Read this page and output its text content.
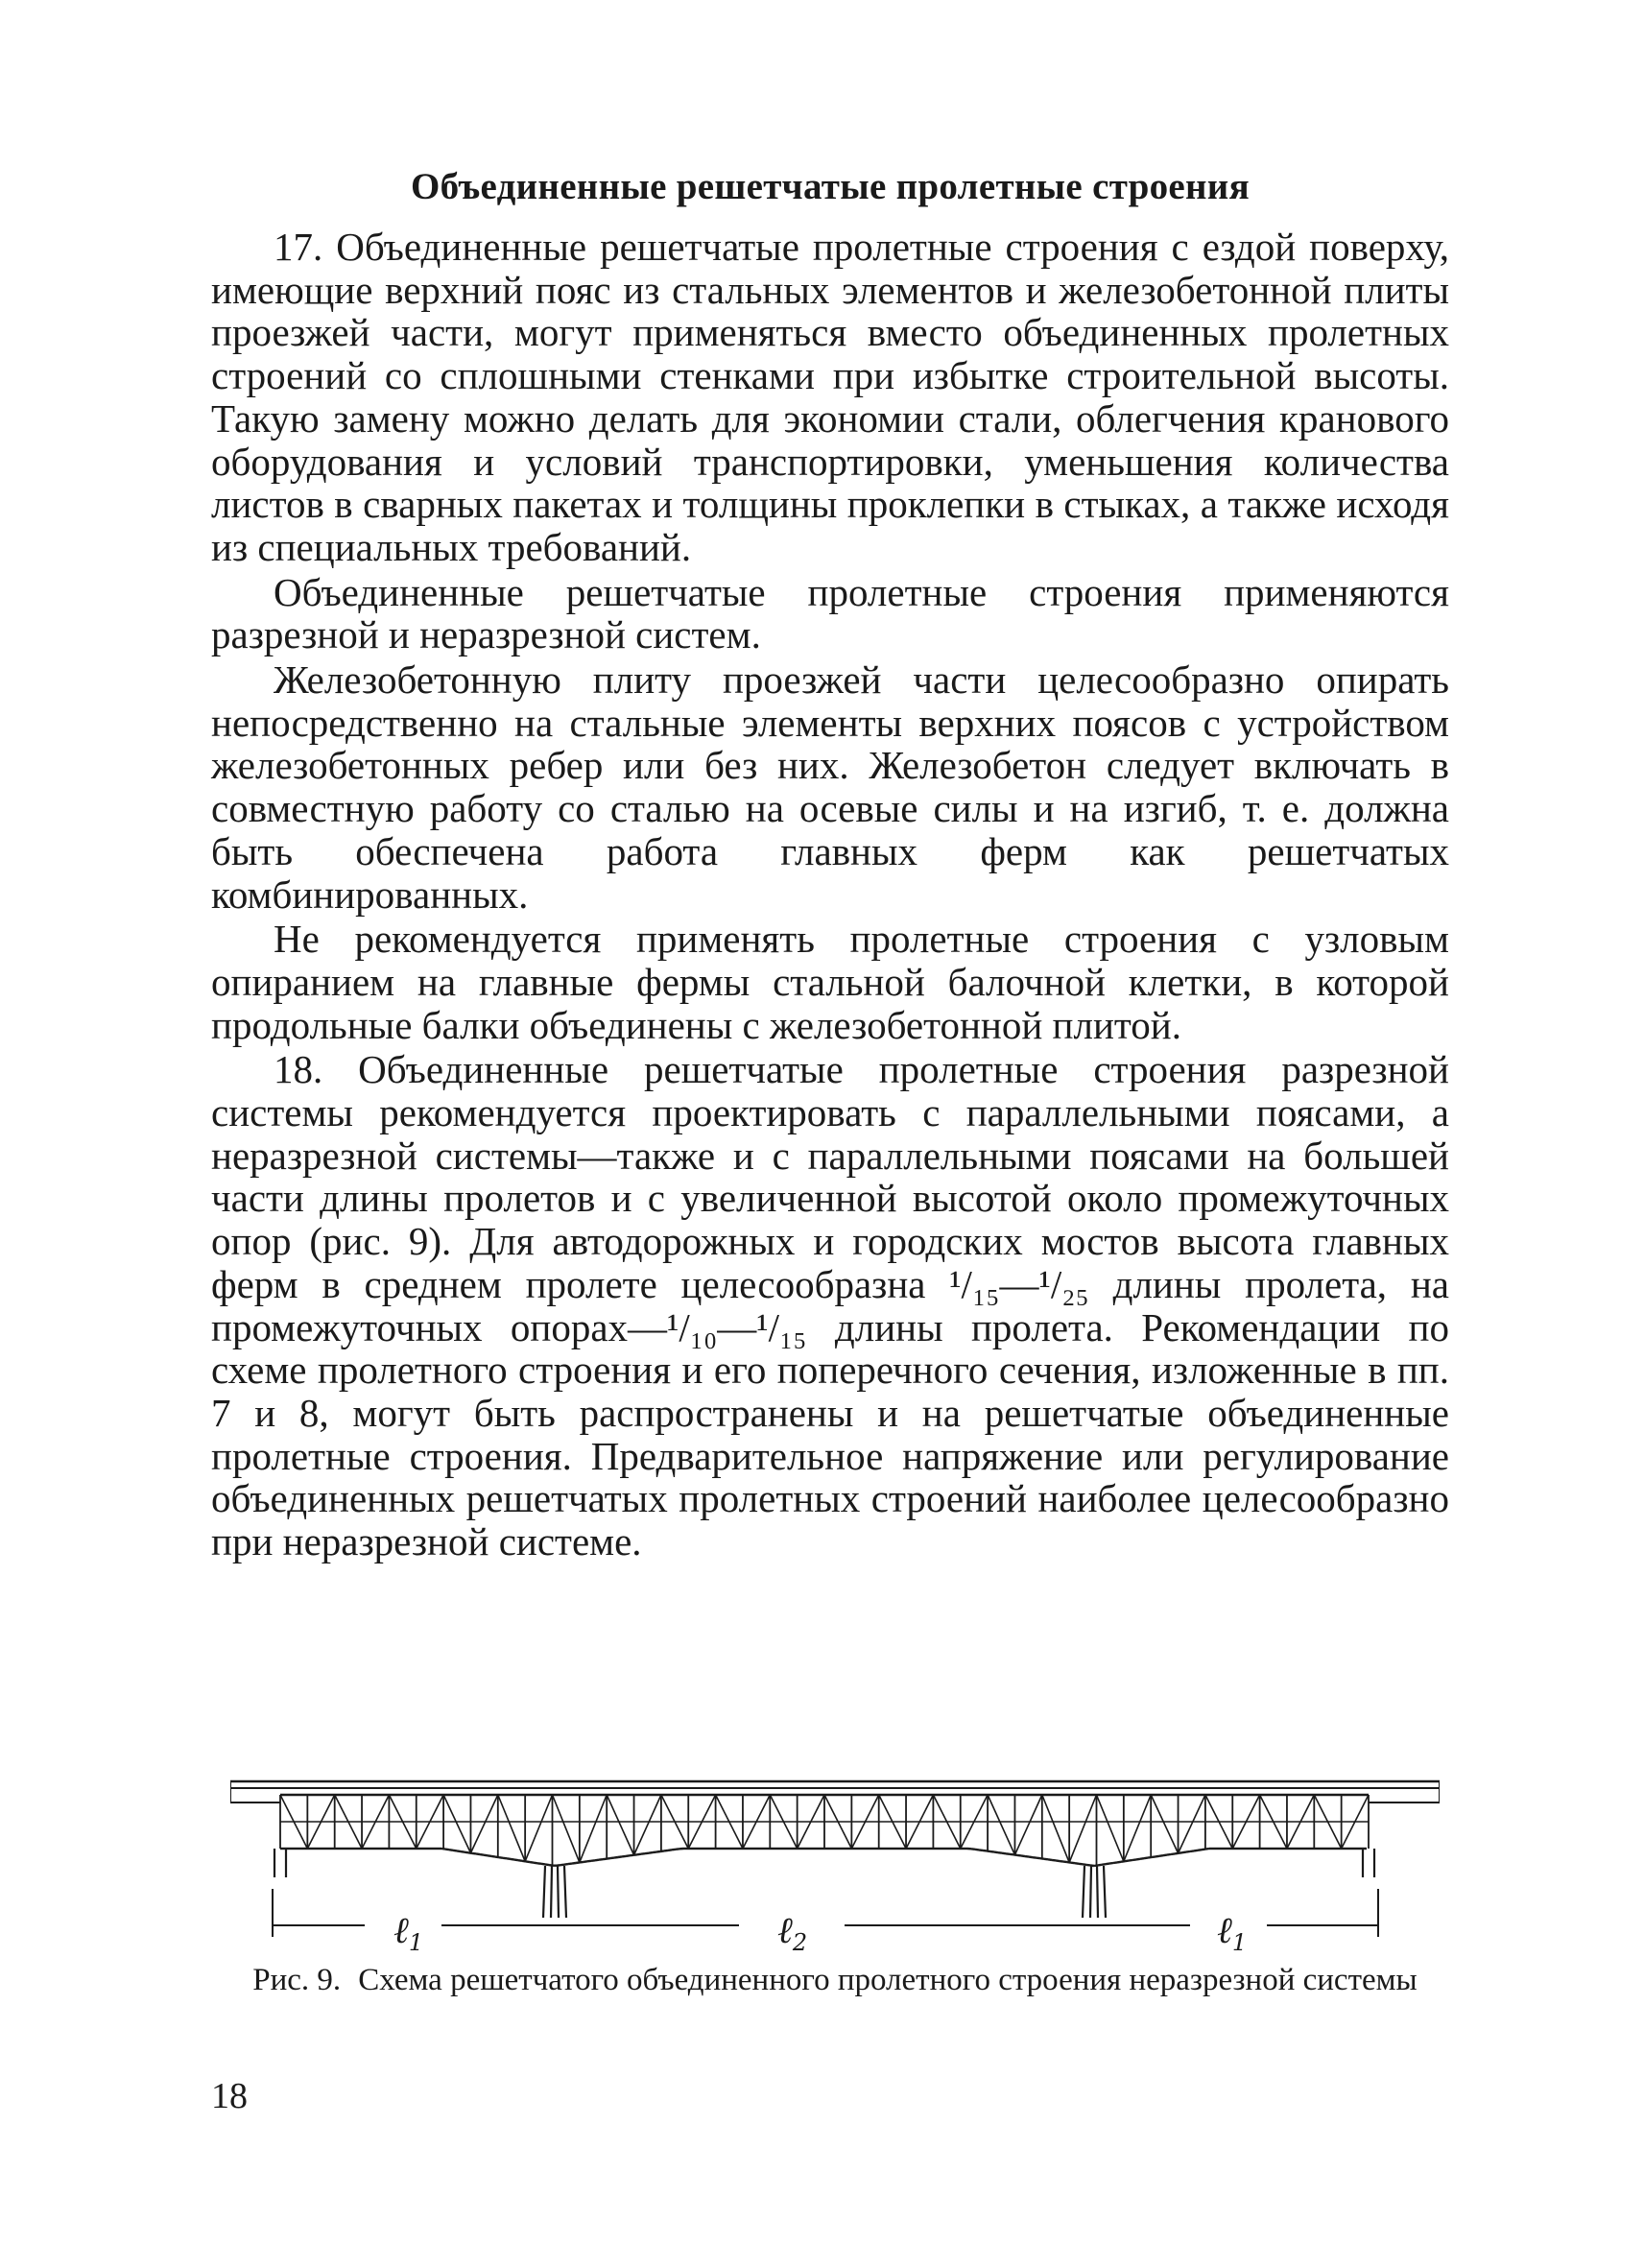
Объединенные решетчатые пролетные строения

17. Объединенные решетчатые пролетные строения с ездой поверху, имеющие верхний пояс из стальных элементов и железобетонной плиты проезжей части, могут применяться вместо объединенных пролетных строений со сплошными стенками при избытке строительной высоты. Такую замену можно делать для экономии стали, облегчения кранового оборудования и условий транспортировки, уменьшения количества листов в сварных пакетах и толщины проклепки в стыках, а также исходя из специальных требований.

Объединенные решетчатые пролетные строения применяются разрезной и неразрезной систем.

Железобетонную плиту проезжей части целесообразно опирать непосредственно на стальные элементы верхних поясов с устройством железобетонных ребер или без них. Железобетон следует включать в совместную работу со сталью на осевые силы и на изгиб, т. е. должна быть обеспечена работа главных ферм как решетчатых комбинированных.

Не рекомендуется применять пролетные строения с узловым опиранием на главные фермы стальной балочной клетки, в которой продольные балки объединены с железобетонной плитой.

18. Объединенные решетчатые пролетные строения разрезной системы рекомендуется проектировать с параллельными поясами, а неразрезной системы—также и с параллельными поясами на большей части длины пролетов и с увеличенной высотой около промежуточных опор (рис. 9). Для автодорожных и городских мостов высота главных ферм в среднем пролете целесообразна ¹/₁₅—¹/₂₅ длины пролета, на промежуточных опорах—¹/₁₀—¹/₁₅ длины пролета. Рекомендации по схеме пролетного строения и его поперечного сечения, изложенные в пп. 7 и 8, могут быть распространены и на решетчатые объединенные пролетные строения. Предварительное напряжение или регулирование объединенных решетчатых пролетных строений наиболее целесообразно при неразрезной системе.

ℓ$_1$	ℓ$_2$	ℓ$_1$
Рис. 9. Схема решетчатого объединенного пролетного строения неразрезной системы
18
